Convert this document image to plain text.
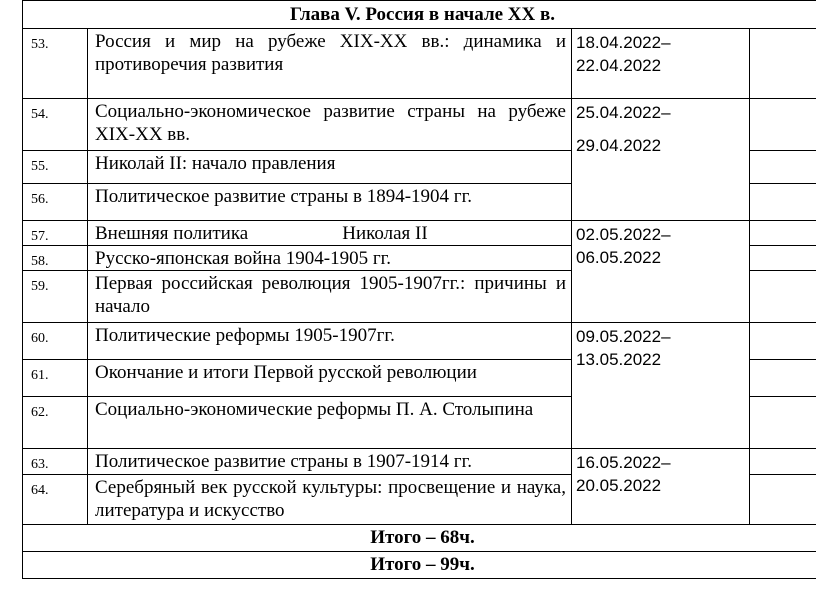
Глава V. Россия в начале XX в.			
53.	Россия и мир на рубеже XIX-XX вв.: динамика и противоречия развития	18.04.2022–
22.04.2022	

54.	Социально-экономическое развитие страны на рубеже XIX-XX вв.	25.04.2022–
29.04.2022	

55.	Николай II: начало правления		
56.	Политическое развитие страны в 1894-1904 гг.		
57.	Внешняя политика Николая II	02.05.2022–
06.05.2022	

58.	Русско-японская война 1904-1905 гг.		
59.	Первая российская революция 1905-1907гг.: причины и начало		
60.	Политические реформы 1905-1907гг.	09.05.2022–
13.05.2022	

61.	Окончание и итоги Первой русской революции		
62.	Социально-экономические реформы П. А. Столыпина		
63.	Политическое развитие страны в 1907-1914 гг.	16.05.2022–
20.05.2022	

64.	Серебряный век русской культуры: просвещение и наука, литература и искусство		
Итого – 68ч.			
Итого – 99ч.			
